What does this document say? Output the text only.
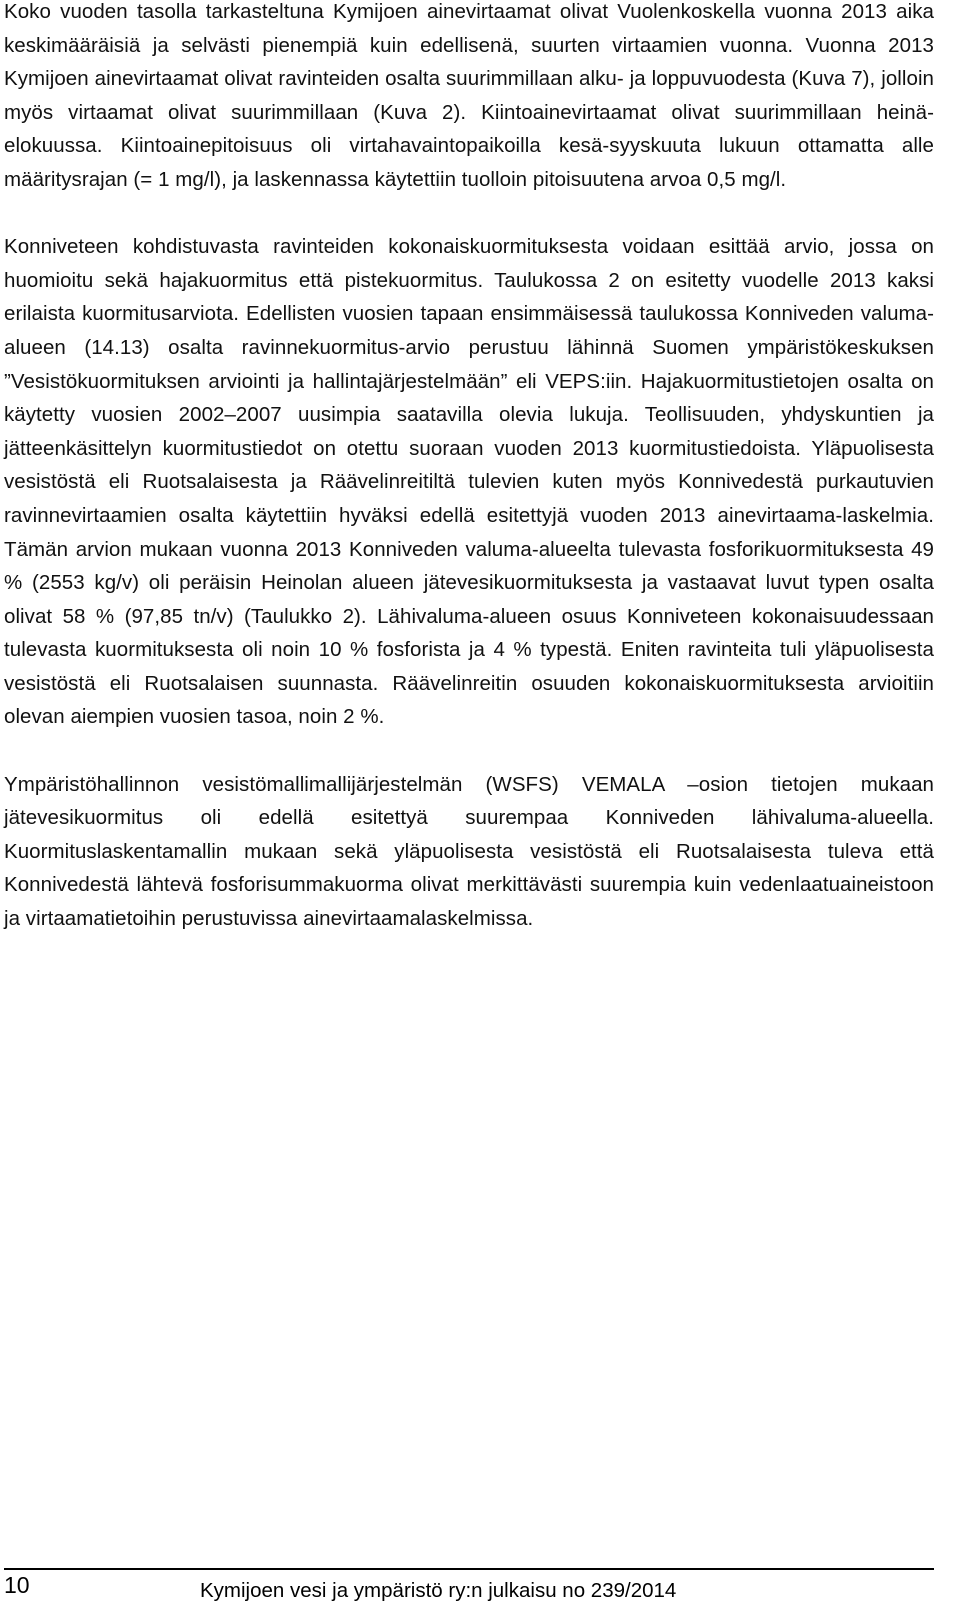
Koko vuoden tasolla tarkasteltuna Kymijoen ainevirtaamat olivat Vuolenkoskella vuonna 2013 aika keskimääräisiä ja selvästi pienempiä kuin edellisenä, suurten virtaamien vuonna. Vuonna 2013 Kymijoen ainevirtaamat olivat ravinteiden osalta suurimmillaan alku- ja loppuvuodesta (Kuva 7), jolloin myös virtaamat olivat suurimmillaan (Kuva 2). Kiintoainevirtaamat olivat suurimmillaan heinä-elokuussa. Kiintoainepitoisuus oli virtahavaintopaikoilla kesä-syyskuuta lukuun ottamatta alle määritysrajan (= 1 mg/l), ja laskennassa käytettiin tuolloin pitoisuutena arvoa 0,5 mg/l.

Konniveteen kohdistuvasta ravinteiden kokonaiskuormituksesta voidaan esittää arvio, jossa on huomioitu sekä hajakuormitus että pistekuormitus. Taulukossa 2 on esitetty vuodelle 2013 kaksi erilaista kuormitusarviota. Edellisten vuosien tapaan ensimmäisessä taulukossa Konniveden valuma-alueen (14.13) osalta ravinnekuormitus-arvio perustuu lähinnä Suomen ympäristökeskuksen ”Vesistökuormituksen arviointi ja hallintajärjestelmään” eli VEPS:iin. Hajakuormitustietojen osalta on käytetty vuosien 2002–2007 uusimpia saatavilla olevia lukuja. Teollisuuden, yhdyskuntien ja jätteenkäsittelyn kuormitustiedot on otettu suoraan vuoden 2013 kuormitustiedoista. Yläpuolisesta vesistöstä eli Ruotsalaisesta ja Räävelinreitiltä tulevien kuten myös Konnivedestä purkautuvien ravinnevirtaamien osalta käytettiin hyväksi edellä esitettyjä vuoden 2013 ainevirtaama-laskelmia. Tämän arvion mukaan vuonna 2013 Konniveden valuma-alueelta tulevasta fosforikuormituksesta 49 % (2553 kg/v) oli peräisin Heinolan alueen jätevesikuormituksesta ja vastaavat luvut typen osalta olivat 58 % (97,85 tn/v) (Taulukko 2). Lähivaluma-alueen osuus Konniveteen kokonaisuudessaan tulevasta kuormituksesta oli noin 10 % fosforista ja 4 % typestä. Eniten ravinteita tuli yläpuolisesta vesistöstä eli Ruotsalaisen suunnasta. Räävelinreitin osuuden kokonaiskuormituksesta arvioitiin olevan aiempien vuosien tasoa, noin 2 %.

Ympäristöhallinnon vesistömallimallijärjestelmän (WSFS) VEMALA –osion tietojen mukaan jätevesikuormitus oli edellä esitettyä suurempaa Konniveden lähivaluma-alueella. Kuormituslaskentamallin mukaan sekä yläpuolisesta vesistöstä eli Ruotsalaisesta tuleva että Konnivedestä lähtevä fosforisummakuorma olivat merkittävästi suurempia kuin vedenlaatuaineistoon ja virtaamatietoihin perustuvissa ainevirtaamalaskelmissa.

10	Kymijoen vesi ja ympäristö ry:n julkaisu no 239/2014
